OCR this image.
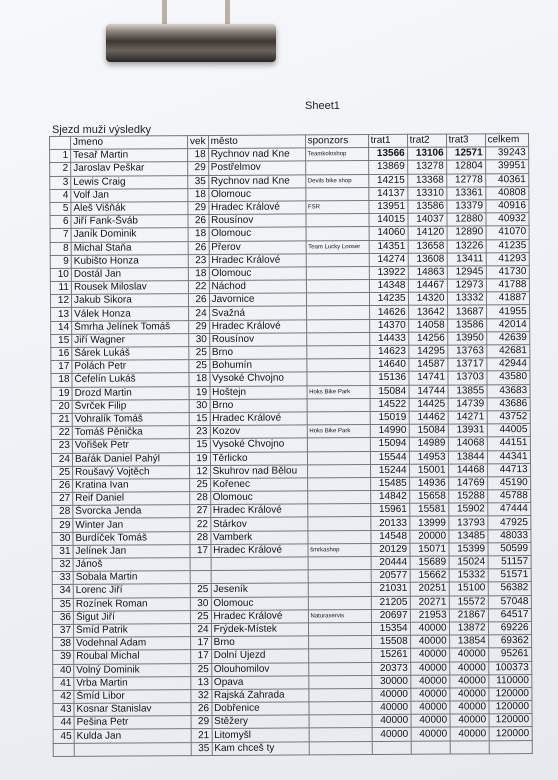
Sheet1
Sjezd muži výsledky
	Jmeno	vek	město	sponzors	trat1	trat2	trat3	celkem
1	Tesař Martin	18	Rychnov nad Kne	Teamkoloshop	13566	13106	12571	39243
2	Jaroslav Peškar	29	Postřelmov		13869	13278	12804	39951
3	Lewis Craig	35	Rychnov nad Kne	Devils bike shop	14215	13368	12778	40361
4	Volf Jan	18	Olomouc		14137	13310	13361	40808
5	Aleš Višňák	29	Hradec Králové	FSR	13951	13586	13379	40916
6	Jiří Fank-Šváb	26	Rousínov		14015	14037	12880	40932
7	Janík Dominik	18	Olomouc		14060	14120	12890	41070
8	Michal Staňa	26	Přerov	Team Lucky Looser	14351	13658	13226	41235
9	Kubišto Honza	23	Hradec Králové		14274	13608	13411	41293
10	Dostál Jan	18	Olomouc		13922	14863	12945	41730
11	Rousek Miloslav	22	Náchod		14348	14467	12973	41788
12	Jakub Sikora	26	Javornice		14235	14320	13332	41887
13	Válek Honza	24	Svažná		14626	13642	13687	41955
14	Šmrha Jelínek Tomáš	29	Hradec Králové		14370	14058	13586	42014
15	Jiří Wagner	30	Rousínov		14433	14256	13950	42639
16	Šárek Lukáš	25	Brno		14623	14295	13763	42681
17	Polách Petr	25	Bohumín		14640	14587	13717	42944
18	Čefelín Lukáš	18	Vysoké Chvojno		15136	14741	13703	43580
19	Drozd Martin	19	Hoštejn	Hoks Bike Park	15084	14744	13855	43683
20	Švrček Filip	30	Brno		14522	14425	14739	43686
21	Vohralík Tomáš	15	Hradec Králové		15019	14462	14271	43752
22	Tomáš Pěnička	23	Kozov	Hoks Bike Park	14990	15084	13931	44005
23	Vořišek Petr	15	Vysoké Chvojno		15094	14989	14068	44151
24	Baŕák Daniel Pahýl	19	Těrlicko		15544	14953	13844	44341
25	Roušavý Vojtěch	12	Skuhrov nad Bělou		15244	15001	14468	44713
26	Kratina Ivan	25	Kořenec		15485	14936	14769	45190
27	Reif Daniel	28	Olomouc		14842	15658	15288	45788
28	Švorcka Jenda	27	Hradec Králové		15961	15581	15902	47444
29	Winter Jan	22	Stárkov		20133	13999	13793	47925
30	Burdíček Tomáš	28	Vamberk		14548	20000	13485	48033
31	Jelínek Jan	17	Hradec Králové	šmrkashop	20129	15071	15399	50599
32	Jánoš				20444	15689	15024	51157
33	Sobala Martin				20577	15662	15332	51571
34	Lorenc Jiří	25	Jeseník		21031	20251	15100	56382
35	Rozínek Roman	30	Olomouc		21205	20271	15572	57048
36	Šigut Jiří	25	Hradec Králové	Naturaservis	20697	21953	21867	64517
37	Šmíd Patrik	24	Frýdek-Místek		15354	40000	13872	69226
38	Vodehnal Adam	17	Brno		15508	40000	13854	69362
39	Roubal Michal	17	Dolní Újezd		15261	40000	40000	95261
40	Volný Dominik	25	Olouhomilov		20373	40000	40000	100373
41	Vrba Martin	13	Opava		30000	40000	40000	110000
42	Šmíd Libor	32	Rajská Zahrada		40000	40000	40000	120000
43	Kosnar Stanislav	26	Dobřenice		40000	40000	40000	120000
44	Pešina Petr	29	Stěžery		40000	40000	40000	120000
45	Kulda Jan	21	Litomyšl		40000	40000	40000	120000
		35	Kam chceš ty					
